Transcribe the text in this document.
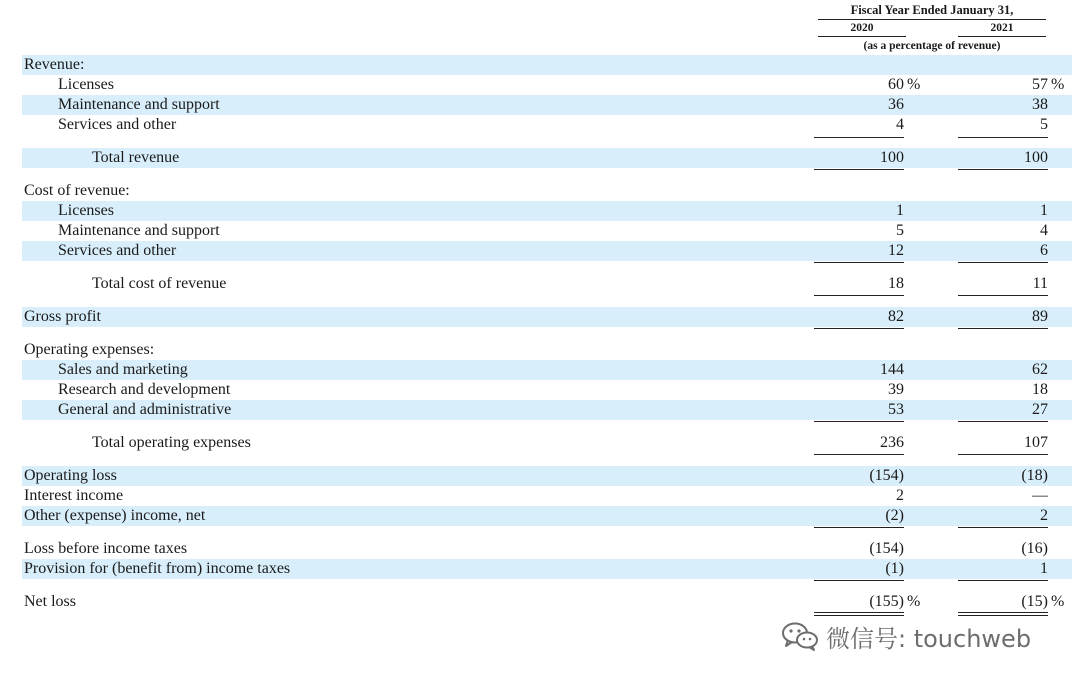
Fiscal Year Ended January 31,
2020	2021
(as a percentage of revenue)
Revenue:
Licenses	60 %	57 %
Maintenance and support	36	38
Services and other	4	5
Total revenue	100	100
Cost of revenue:
Licenses	1	1
Maintenance and support	5	4
Services and other	12	6
Total cost of revenue	18	11
Gross profit	82	89
Operating expenses:
Sales and marketing	144	62
Research and development	39	18
General and administrative	53	27
Total operating expenses	236	107
Operating loss	(154)	(18)
Interest income	2	—
Other (expense) income, net	(2)	2
Loss before income taxes	(154)	(16)
Provision for (benefit from) income taxes	(1)	1
Net loss	(155) %	(15) %
微信号: touchweb
